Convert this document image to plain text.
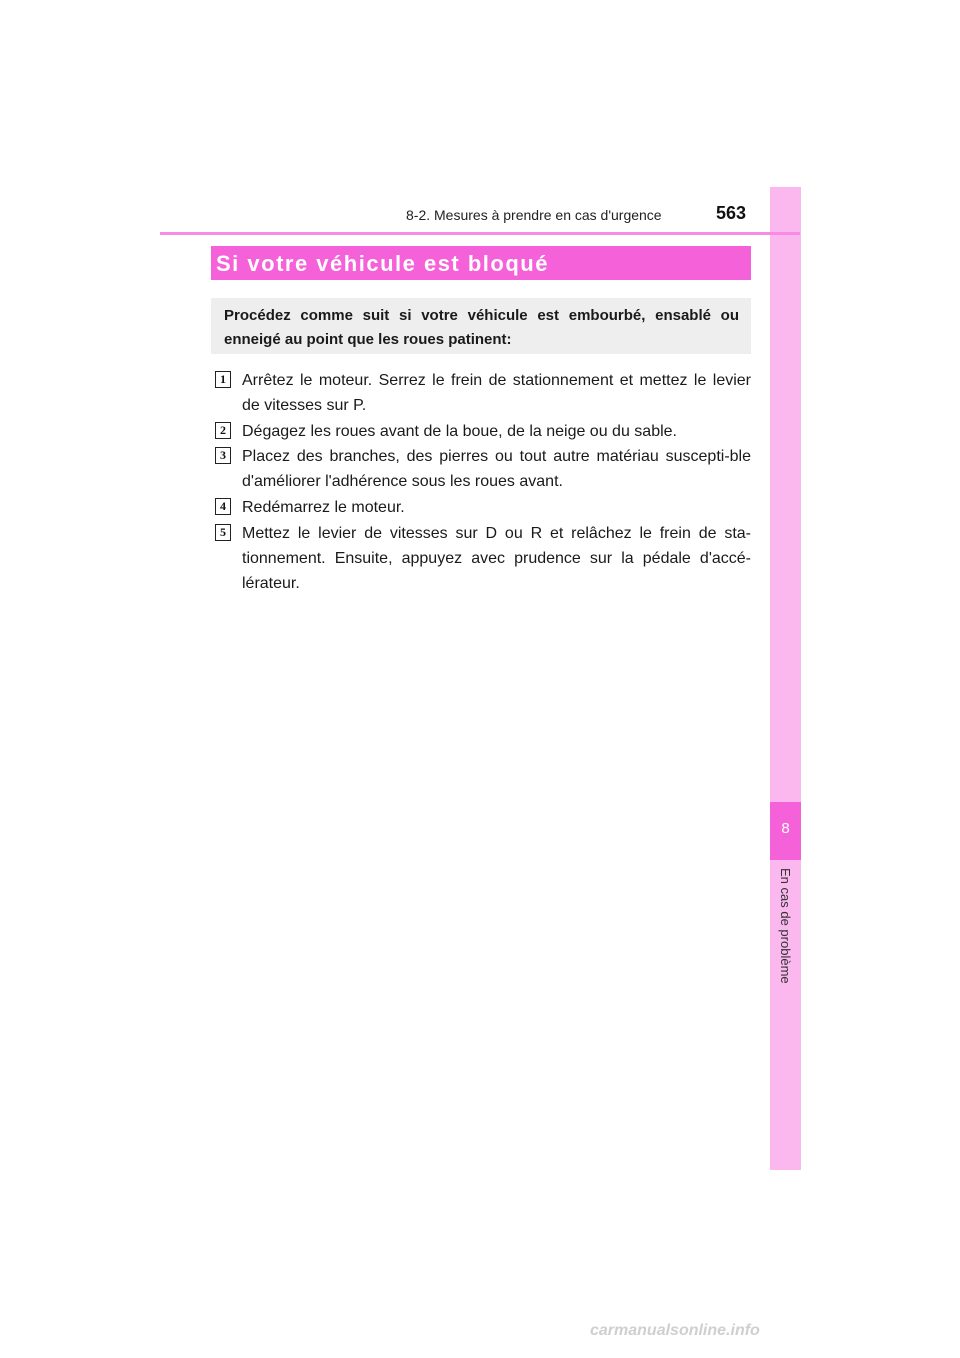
8
En cas de problème
8-2. Mesures à prendre en cas d'urgence	563
Si votre véhicule est bloqué
Procédez comme suit si votre véhicule est embourbé, ensablé ou enneigé au point que les roues patinent:
1	Arrêtez le moteur. Serrez le frein de stationnement et mettez le levier de vitesses sur P.
2	Dégagez les roues avant de la boue, de la neige ou du sable.
3	Placez des branches, des pierres ou tout autre matériau suscepti-ble d'améliorer l'adhérence sous les roues avant.
4	Redémarrez le moteur.
5	Mettez le levier de vitesses sur D ou R et relâchez le frein de sta-tionnement. Ensuite, appuyez avec prudence sur la pédale d'accé-lérateur.
carmanualsonline.info
